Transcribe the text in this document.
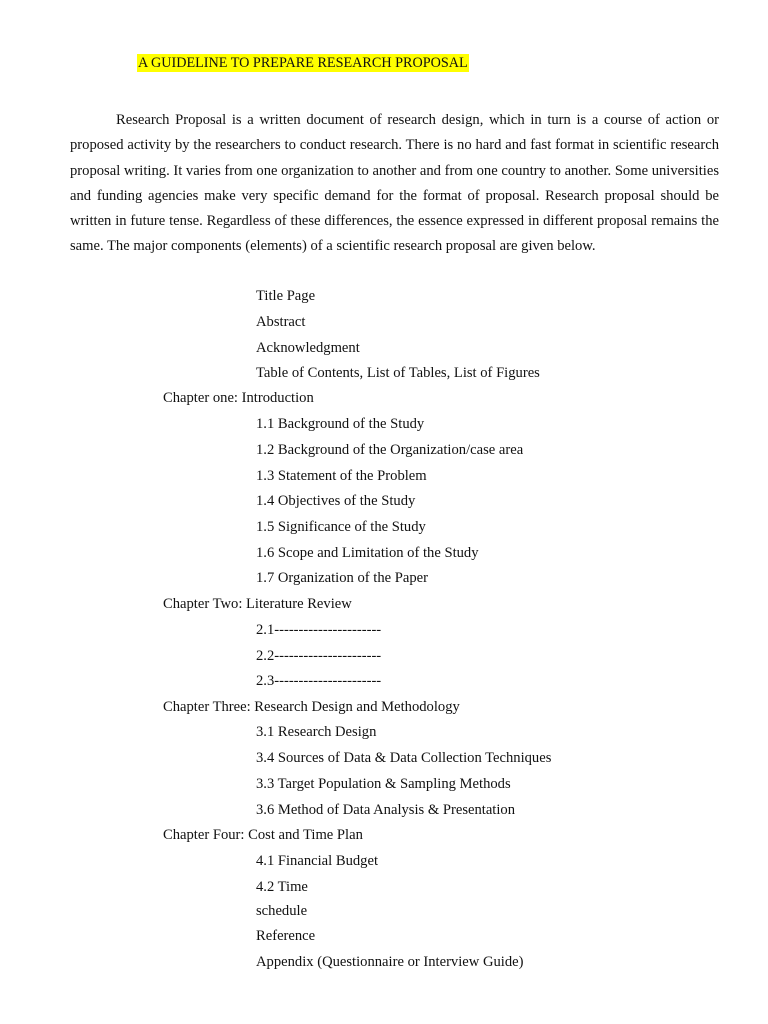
A GUIDELINE TO PREPARE RESEARCH PROPOSAL

Research Proposal is a written document of research design, which in turn is a course of action or proposed activity by the researchers to conduct research. There is no hard and fast format in scientific research proposal writing. It varies from one organization to another and from one country to another. Some universities and funding agencies make very specific demand for the format of proposal. Research proposal should be written in future tense. Regardless of these differences, the essence expressed in different proposal remains the same. The major components (elements) of a scientific research proposal are given below.

Title Page
Abstract
Acknowledgment
Table of Contents, List of Tables, List of Figures
Chapter one: Introduction
1.1 Background of the Study
1.2 Background of the Organization/case area
1.3 Statement of the Problem
1.4 Objectives of the Study
1.5 Significance of the Study
1.6 Scope and Limitation of the Study
1.7 Organization of the Paper
Chapter Two: Literature Review
2.1----------------------
2.2----------------------
2.3----------------------
Chapter Three: Research Design and Methodology
3.1 Research Design
3.4 Sources of Data & Data Collection Techniques
3.3 Target Population & Sampling Methods
3.6 Method of Data Analysis & Presentation
Chapter Four: Cost and Time Plan
4.1 Financial Budget
4.2 Time
schedule
Reference
Appendix (Questionnaire or Interview Guide)
